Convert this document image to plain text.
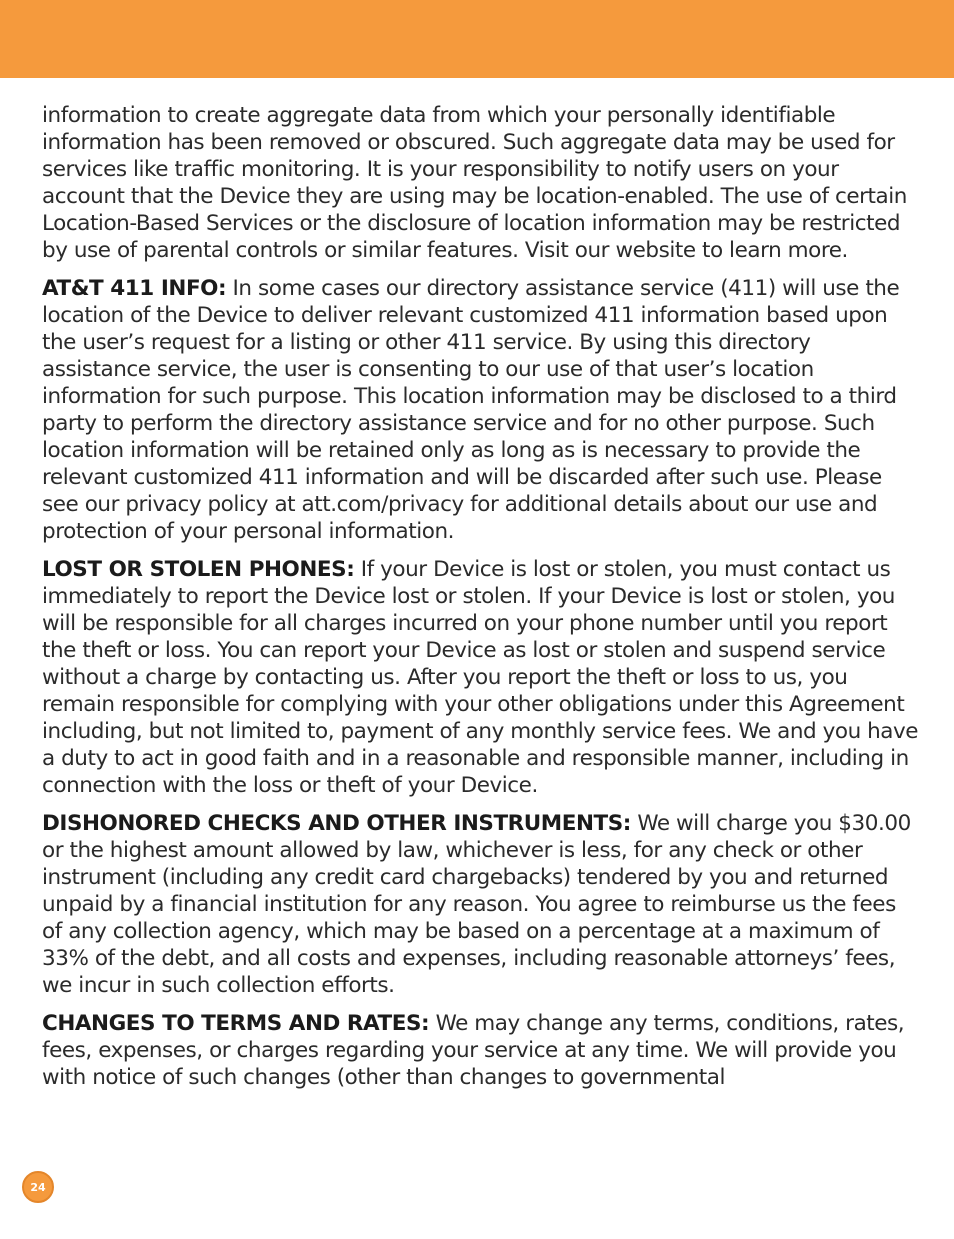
information to create aggregate data from which your personally identifiable information has been removed or obscured. Such aggregate data may be used for services like traffic monitoring. It is your responsibility to notify users on your account that the Device they are using may be location-enabled. The use of certain Location-Based Services or the disclosure of location information may be restricted by use of parental controls or similar features. Visit our website to learn more.

AT&T 411 INFO: In some cases our directory assistance service (411) will use the location of the Device to deliver relevant customized 411 information based upon the user’s request for a listing or other 411 service. By using this directory assistance service, the user is consenting to our use of that user’s location information for such purpose. This location information may be disclosed to a third party to perform the directory assistance service and for no other purpose. Such location information will be retained only as long as is necessary to provide the relevant customized 411 information and will be discarded after such use. Please see our privacy policy at att.com/privacy for additional details about our use and protection of your personal information.

LOST OR STOLEN PHONES: If your Device is lost or stolen, you must contact us immediately to report the Device lost or stolen. If your Device is lost or stolen, you will be responsible for all charges incurred on your phone number until you report the theft or loss. You can report your Device as lost or stolen and suspend service without a charge by contacting us. After you report the theft or loss to us, you remain responsible for complying with your other obligations under this Agreement including, but not limited to, payment of any monthly service fees. We and you have a duty to act in good faith and in a reasonable and responsible manner, including in connection with the loss or theft of your Device.

DISHONORED CHECKS AND OTHER INSTRUMENTS: We will charge you $30.00 or the highest amount allowed by law, whichever is less, for any check or other instrument (including any credit card chargebacks) tendered by you and returned unpaid by a financial institution for any reason. You agree to reimburse us the fees of any collection agency, which may be based on a percentage at a maximum of 33% of the debt, and all costs and expenses, including reasonable attorneys’ fees, we incur in such collection efforts.

CHANGES TO TERMS AND RATES: We may change any terms, conditions, rates, fees, expenses, or charges regarding your service at any time. We will provide you with notice of such changes (other than changes to governmental

24
